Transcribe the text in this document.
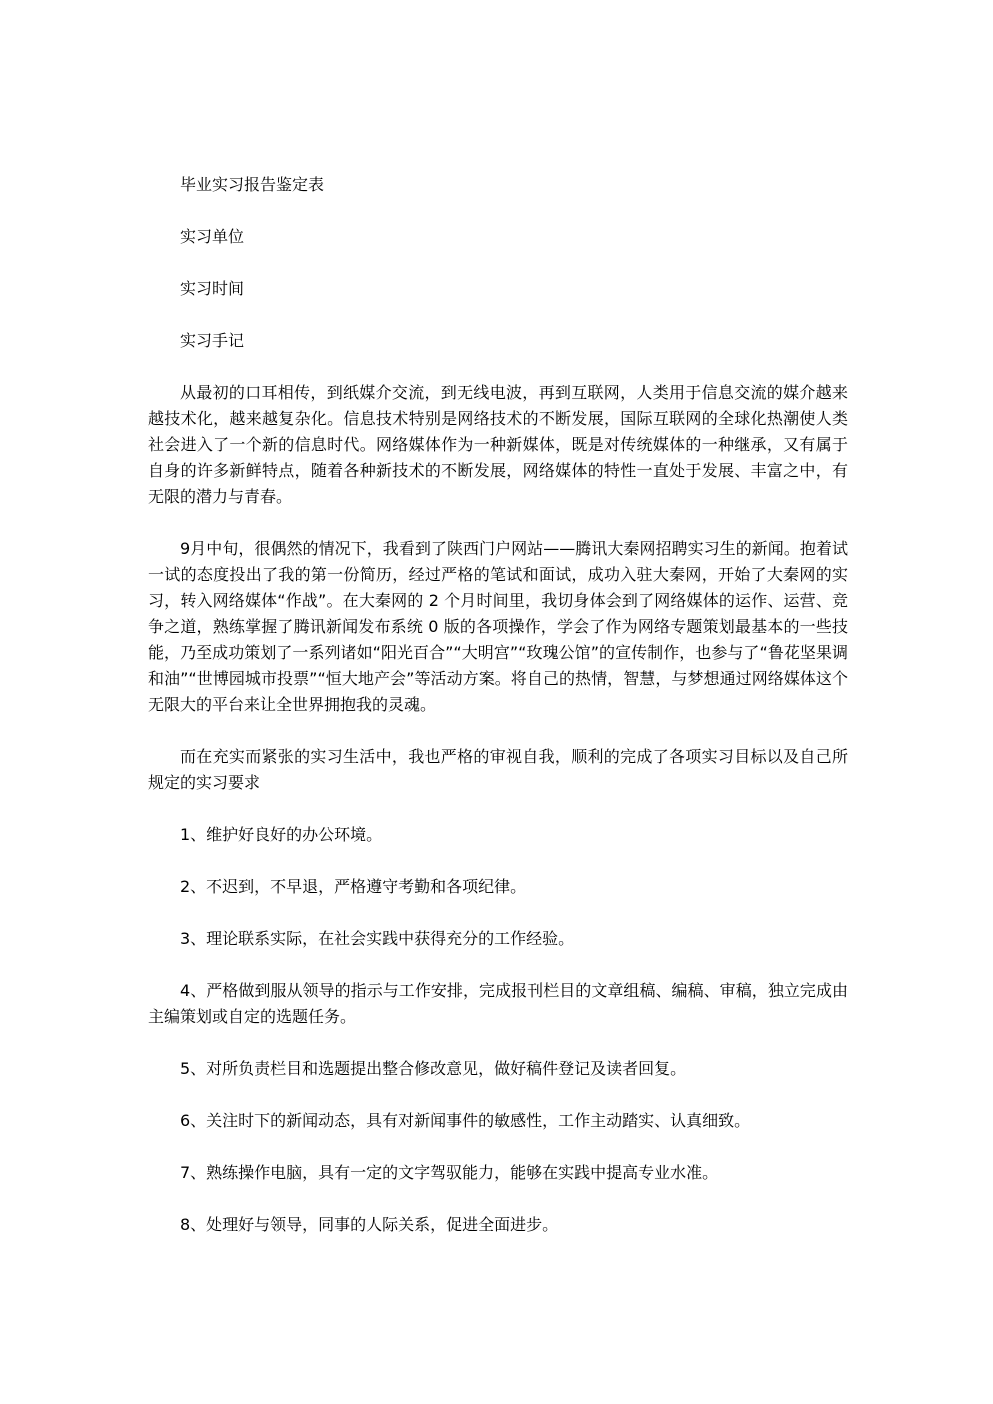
毕业实习报告鉴定表

实习单位

实习时间

实习手记

从最初的口耳相传，到纸媒介交流，到无线电波，再到互联网，人类用于信息交流的媒介越来越技术化，越来越复杂化。信息技术特别是网络技术的不断发展，国际互联网的全球化热潮使人类社会进入了一个新的信息时代。网络媒体作为一种新媒体，既是对传统媒体的一种继承，又有属于自身的许多新鲜特点，随着各种新技术的不断发展，网络媒体的特性一直处于发展、丰富之中，有无限的潜力与青春。

9月中旬，很偶然的情况下，我看到了陕西门户网站——腾讯大秦网招聘实习生的新闻。抱着试一试的态度投出了我的第一份简历，经过严格的笔试和面试，成功入驻大秦网，开始了大秦网的实习，转入网络媒体“作战”。在大秦网的 2 个月时间里，我切身体会到了网络媒体的运作、运营、竞争之道，熟练掌握了腾讯新闻发布系统 0 版的各项操作，学会了作为网络专题策划最基本的一些技能，乃至成功策划了一系列诸如“阳光百合”“大明宫”“玫瑰公馆”的宣传制作，也参与了“鲁花坚果调和油”“世博园城市投票”“恒大地产会”等活动方案。将自己的热情，智慧，与梦想通过网络媒体这个无限大的平台来让全世界拥抱我的灵魂。

而在充实而紧张的实习生活中，我也严格的审视自我，顺利的完成了各项实习目标以及自己所规定的实习要求

1、维护好良好的办公环境。

2、不迟到，不早退，严格遵守考勤和各项纪律。

3、理论联系实际，在社会实践中获得充分的工作经验。

4、严格做到服从领导的指示与工作安排，完成报刊栏目的文章组稿、编稿、审稿，独立完成由主编策划或自定的选题任务。

5、对所负责栏目和选题提出整合修改意见，做好稿件登记及读者回复。

6、关注时下的新闻动态，具有对新闻事件的敏感性，工作主动踏实、认真细致。

7、熟练操作电脑，具有一定的文字驾驭能力，能够在实践中提高专业水准。

8、处理好与领导，同事的人际关系，促进全面进步。
